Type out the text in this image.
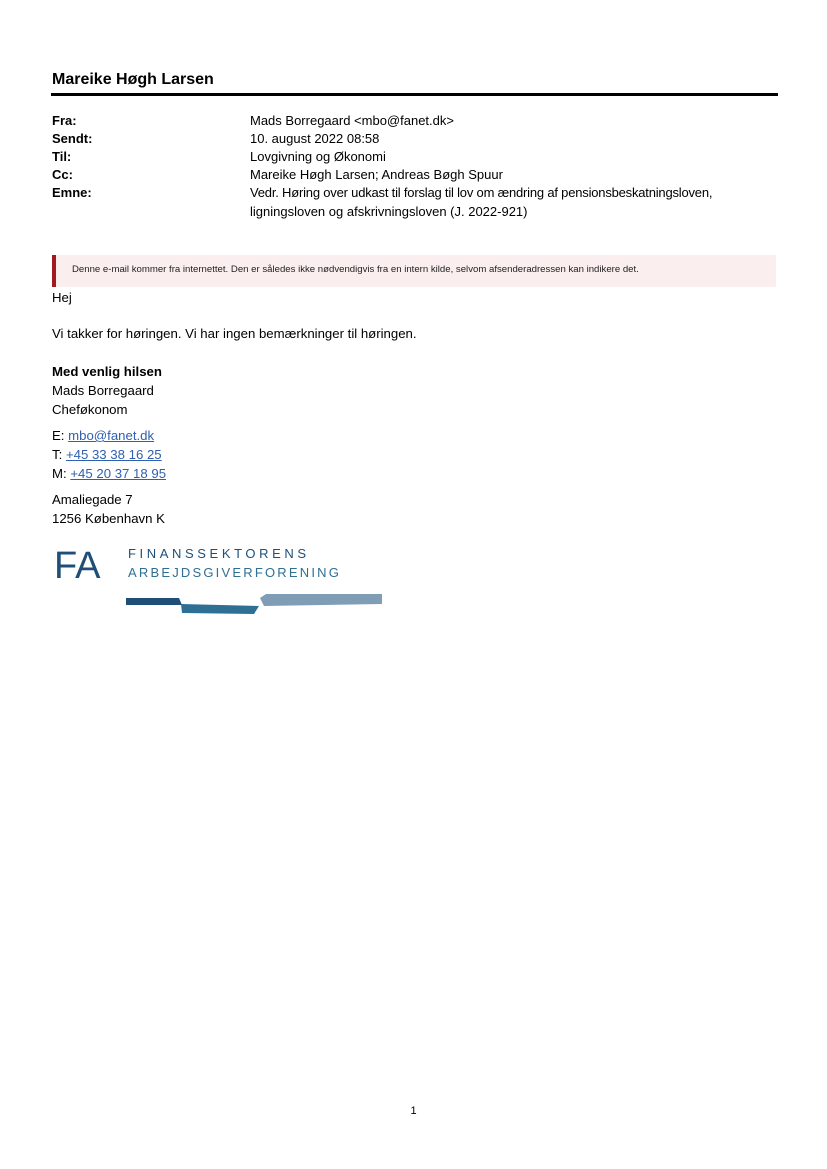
Mareike Høgh Larsen
Fra:	Mads Borregaard <mbo@fanet.dk>
Sendt:	10. august 2022 08:58
Til:	Lovgivning og Økonomi
Cc:	Mareike Høgh Larsen; Andreas Bøgh Spuur
Emne:	Vedr. Høring over udkast til forslag til lov om ændring af pensionsbeskatningsloven,
ligningsloven og afskrivningsloven (J. 2022-921)
Denne e-mail kommer fra internettet. Den er således ikke nødvendigvis fra en intern kilde, selvom afsenderadressen kan indikere det.
Hej
Vi takker for høringen. Vi har ingen bemærkninger til høringen.
Med venlig hilsen
Mads Borregaard
Cheføkonom
E: mbo@fanet.dk
T: +45 33 38 16 25
M: +45 20 37 18 95
Amaliegade 7
1256 København K
FA FINANSSEKTORENS
ARBEJDSGIVERFORENING
1
